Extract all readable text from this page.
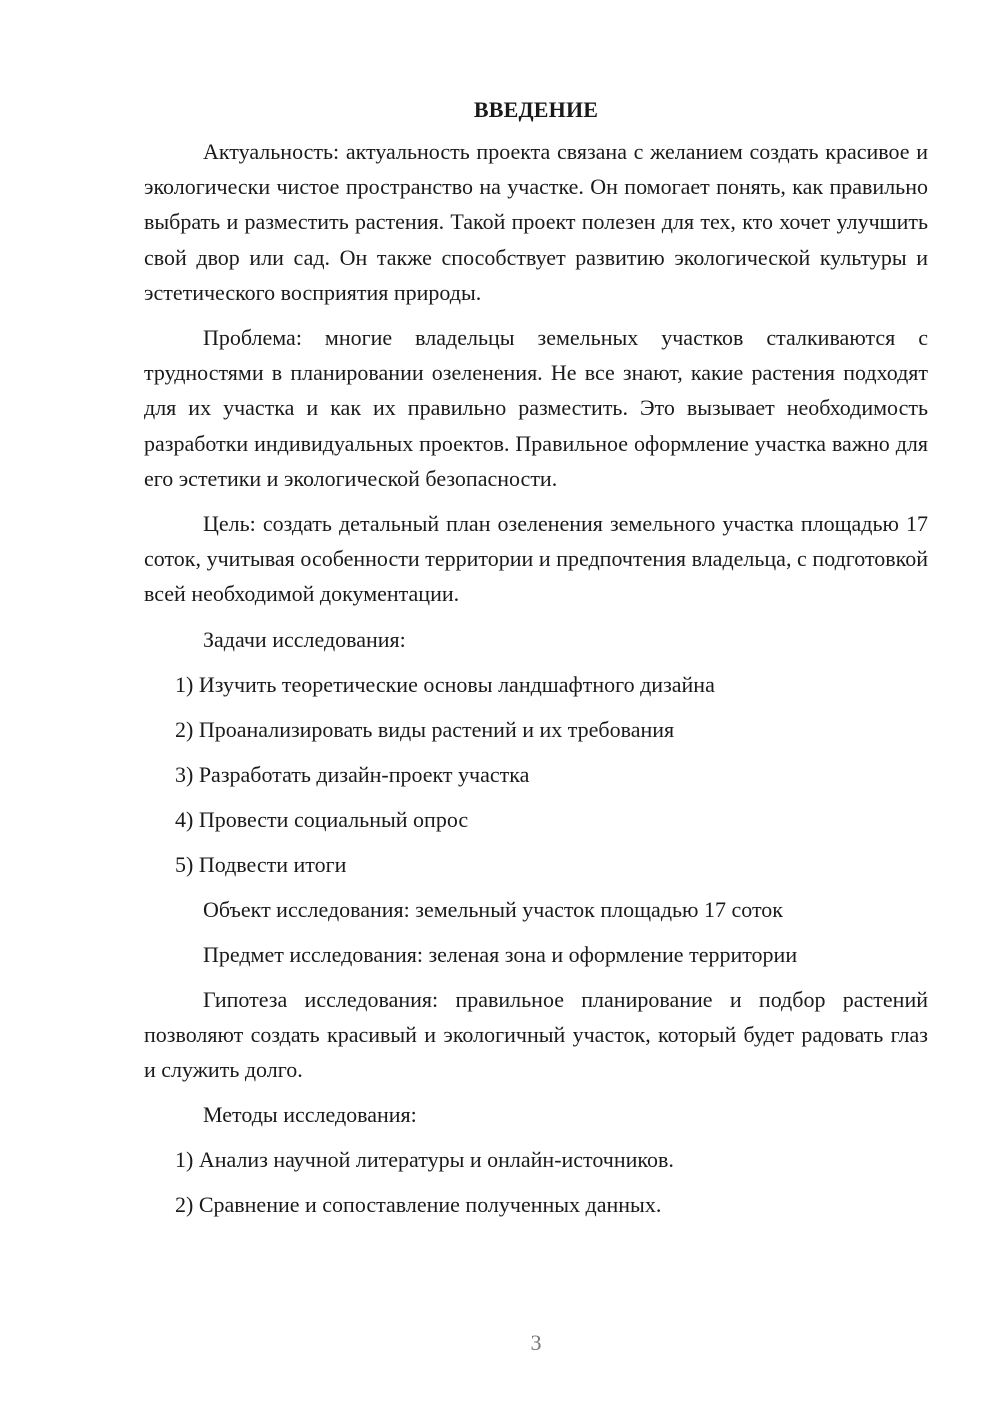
ВВЕДЕНИЕ

Актуальность: актуальность проекта связана с желанием создать красивое и экологически чистое пространство на участке. Он помогает понять, как правильно выбрать и разместить растения. Такой проект полезен для тех, кто хочет улучшить свой двор или сад. Он также способствует развитию экологической культуры и эстетического восприятия природы.

Проблема: многие владельцы земельных участков сталкиваются с трудностями в планировании озеленения. Не все знают, какие растения подходят для их участка и как их правильно разместить. Это вызывает необходимость разработки индивидуальных проектов. Правильное оформление участка важно для его эстетики и экологической безопасности.

Цель: создать детальный план озеленения земельного участка площадью 17 соток, учитывая особенности территории и предпочтения владельца, с подготовкой всей необходимой документации.

Задачи исследования:
1) Изучить теоретические основы ландшафтного дизайна
2) Проанализировать виды растений и их требования
3) Разработать дизайн-проект участка
4) Провести социальный опрос
5) Подвести итоги
Объект исследования: земельный участок площадью 17 соток
Предмет исследования: зеленая зона и оформление территории

Гипотеза исследования: правильное планирование и подбор растений позволяют создать красивый и экологичный участок, который будет радовать глаз и служить долго.

Методы исследования:
1) Анализ научной литературы и онлайн-источников.
2) Сравнение и сопоставление полученных данных.
3
